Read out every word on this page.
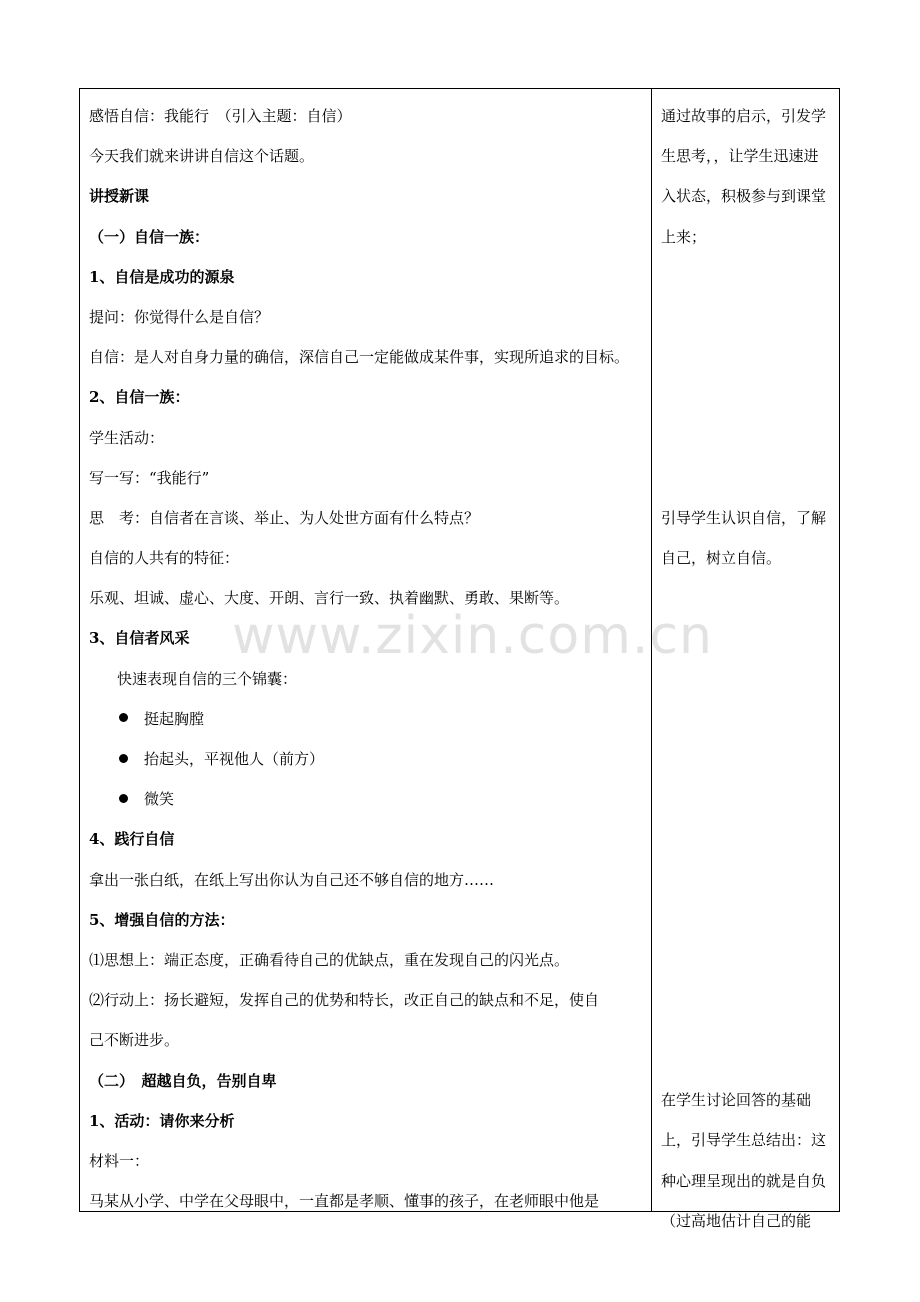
感悟自信：我能行　（引入主题：自信）
今天我们就来讲讲自信这个话题。
讲授新课
（一）自信一族：
1、自信是成功的源泉
提问：你觉得什么是自信？
自信：是人对自身力量的确信，深信自己一定能做成某件事，实现所追求的目标。
2、自信一族：
学生活动：
写一写：“我能行”
思　考：自信者在言谈、举止、为人处世方面有什么特点？
自信的人共有的特征：
乐观、坦诚、虚心、大度、开朗、言行一致、执着幽默、勇敢、果断等。
3、自信者风采
快速表现自信的三个锦囊：
挺起胸膛
抬起头，平视他人（前方）
微笑
4、践行自信
拿出一张白纸，在纸上写出你认为自己还不够自信的地方……
5、增强自信的方法：
⑴思想上：端正态度，正确看待自己的优缺点，重在发现自己的闪光点。
⑵行动上：扬长避短，发挥自己的优势和特长，改正自己的缺点和不足，使自
己不断进步。
（二）　超越自负，告别自卑
1、活动：请你来分析
材料一：
马某从小学、中学在父母眼中，一直都是孝顺、懂事的孩子，在老师眼中他是
通过故事的启示，引发学
生思考，，让学生迅速进
入状态，积极参与到课堂
上来；
引导学生认识自信，了解
自己，树立自信。
在学生讨论回答的基础
上，引导学生总结出：这
种心理呈现出的就是自负
（过高地估计自己的能
www.zixin.com.cn
